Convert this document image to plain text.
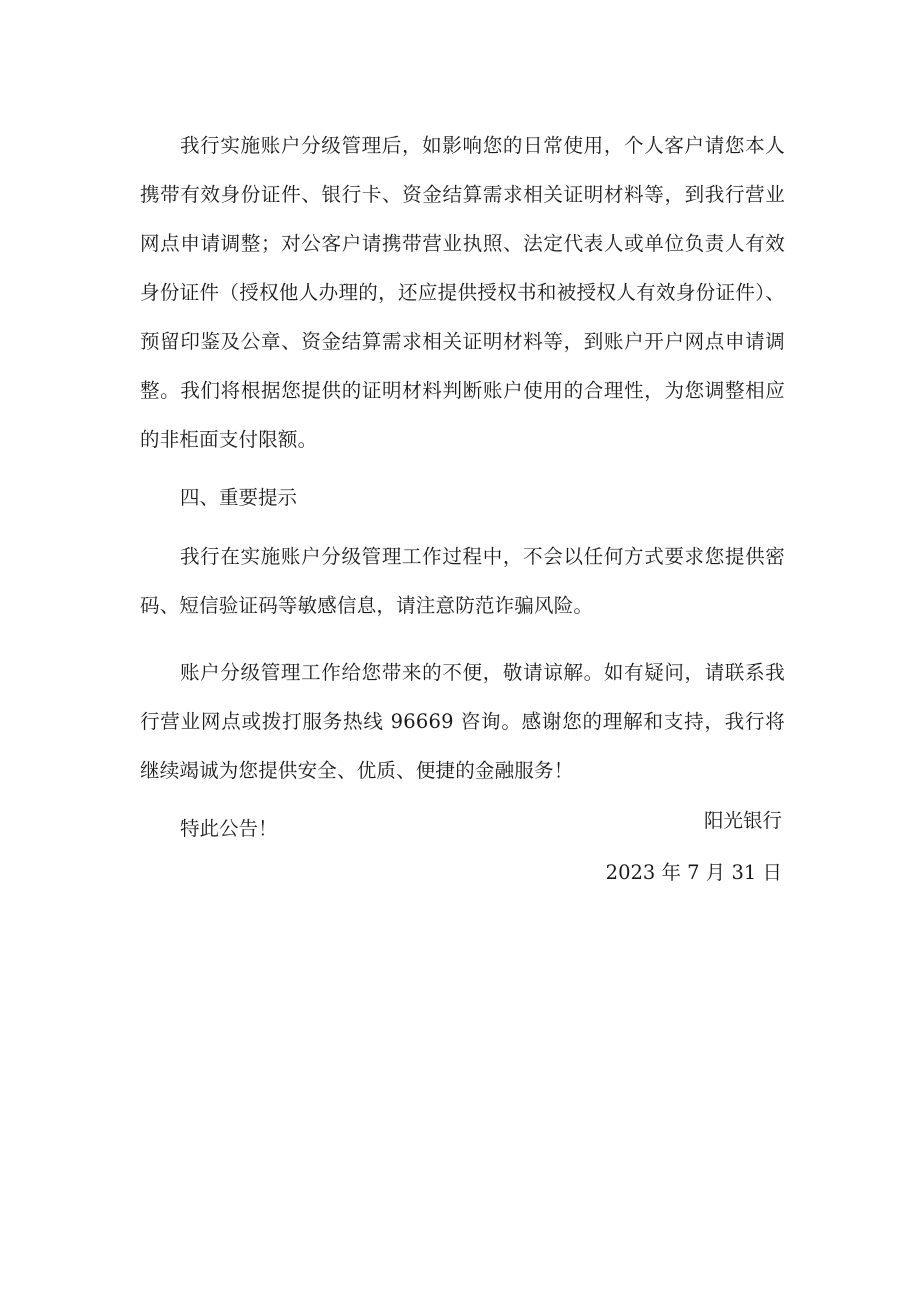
我行实施账户分级管理后，如影响您的日常使用，个人客户请您本人携带有效身份证件、银行卡、资金结算需求相关证明材料等，到我行营业网点申请调整；对公客户请携带营业执照、法定代表人或单位负责人有效身份证件（授权他人办理的，还应提供授权书和被授权人有效身份证件）、预留印鉴及公章、资金结算需求相关证明材料等，到账户开户网点申请调整。我们将根据您提供的证明材料判断账户使用的合理性，为您调整相应的非柜面支付限额。

四、重要提示

我行在实施账户分级管理工作过程中，不会以任何方式要求您提供密码、短信验证码等敏感信息，请注意防范诈骗风险。

账户分级管理工作给您带来的不便，敬请谅解。如有疑问，请联系我行营业网点或拨打服务热线 96669 咨询。感谢您的理解和支持，我行将继续竭诚为您提供安全、优质、便捷的金融服务！

特此公告！	阳光银行
2023 年 7 月 31 日
